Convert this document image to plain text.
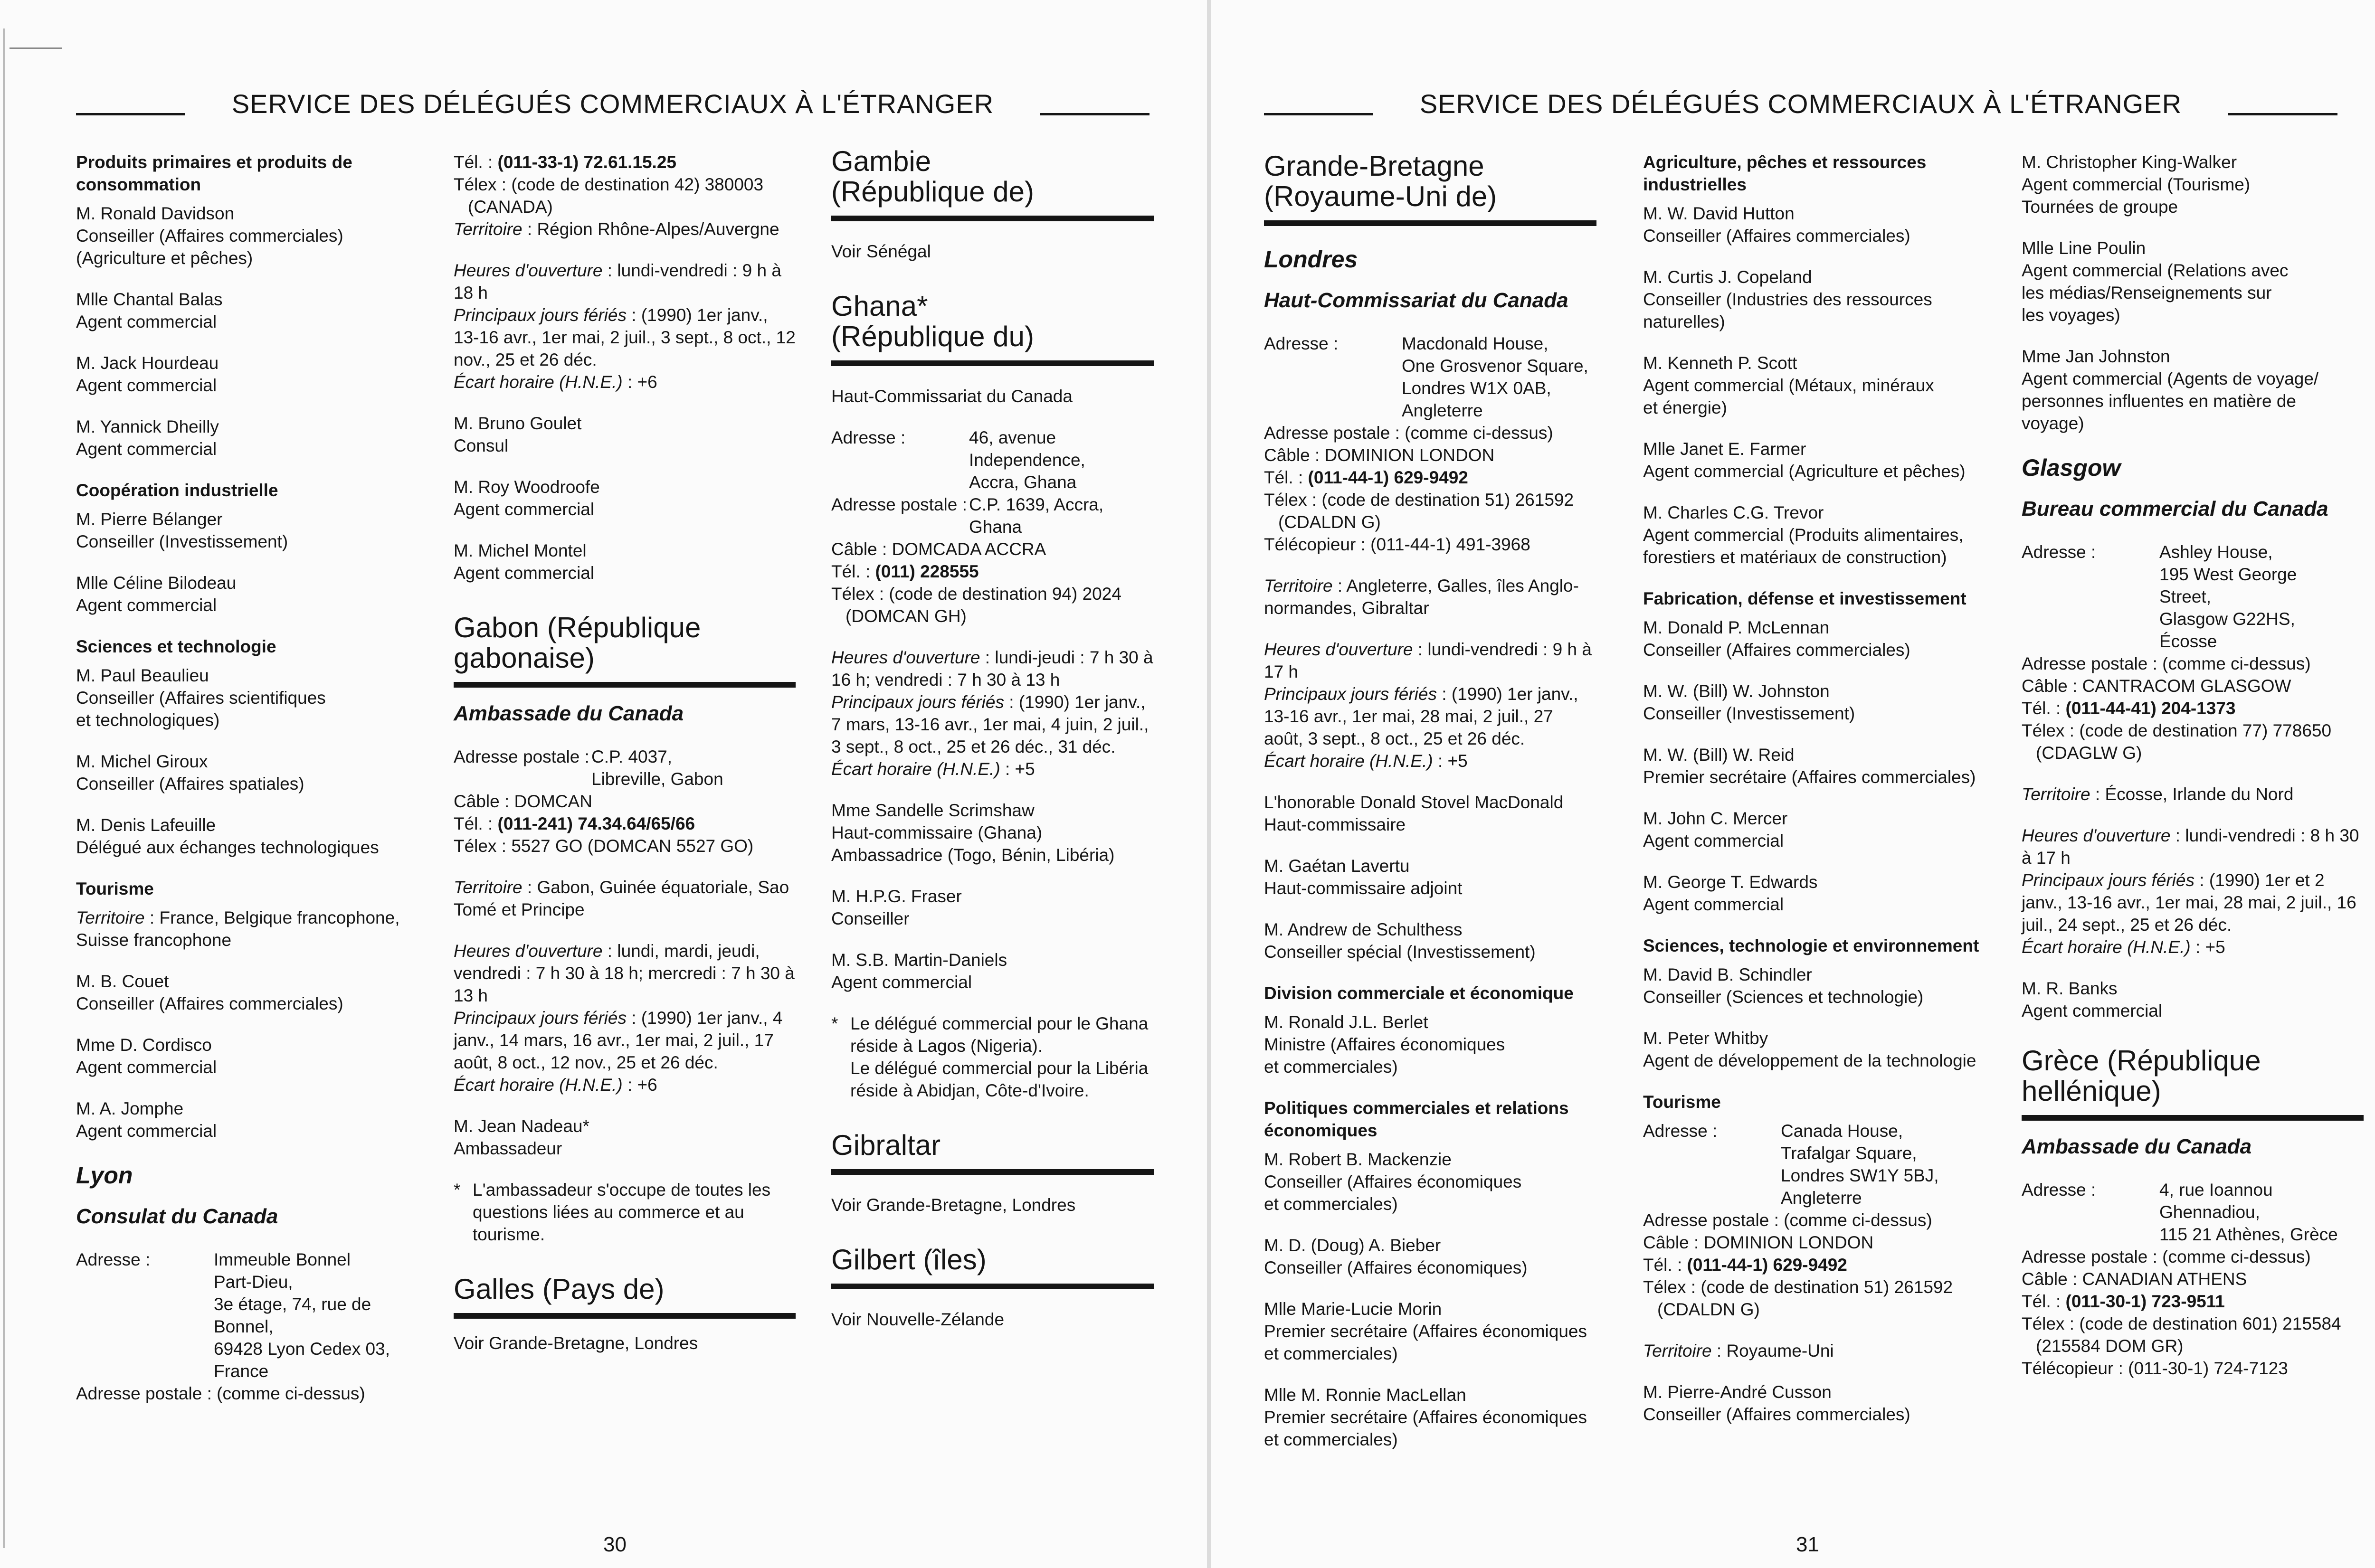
SERVICE DES DÉLÉGUÉS COMMERCIAUX À L'ÉTRANGER
Produits primaires et produits de consommation

M. Ronald Davidson
Conseiller (Affaires commerciales)
(Agriculture et pêches)

Mlle Chantal Balas
Agent commercial

M. Jack Hourdeau
Agent commercial

M. Yannick Dheilly
Agent commercial

Coopération industrielle

M. Pierre Bélanger
Conseiller (Investissement)

Mlle Céline Bilodeau
Agent commercial

Sciences et technologie

M. Paul Beaulieu
Conseiller (Affaires scientifiques
et technologiques)

M. Michel Giroux
Conseiller (Affaires spatiales)

M. Denis Lafeuille
Délégué aux échanges technologiques

Tourisme

Territoire : France, Belgique francophone, Suisse francophone

M. B. Couet
Conseiller (Affaires commerciales)

Mme D. Cordisco
Agent commercial

M. A. Jomphe
Agent commercial

Lyon
Consulat du Canada
Adresse :	Immeuble Bonnel
Part-Dieu,
3e étage, 74, rue de
Bonnel,
69428 Lyon Cedex 03,
France
Adresse postale : (comme ci-dessus)
Tél. : (011-33-1) 72.61.15.25
Télex : (code de destination 42) 380003
(CANADA)

Territoire : Région Rhône-Alpes/Auvergne

Heures d'ouverture : lundi-vendredi : 9 h à 18 h
Principaux jours fériés : (1990) 1er janv., 13-16 avr., 1er mai, 2 juil., 3 sept., 8 oct., 12 nov., 25 et 26 déc.

Écart horaire (H.N.E.) : +6

M. Bruno Goulet
Consul

M. Roy Woodroofe
Agent commercial

M. Michel Montel
Agent commercial

Gabon (République
gabonaise)
Ambassade du Canada
Adresse postale : C.P. 4037,
Libreville, Gabon
Câble : DOMCAN
Tél. : (011-241) 74.34.64/65/66

Télex : 5527 GO (DOMCAN 5527 GO)

Territoire : Gabon, Guinée équatoriale, Sao Tomé et Principe

Heures d'ouverture : lundi, mardi, jeudi, vendredi : 7 h 30 à 18 h; mercredi : 7 h 30 à 13 h
Principaux jours fériés : (1990) 1er janv., 4 janv., 14 mars, 16 avr., 1er mai, 2 juil., 17 août, 8 oct., 12 nov., 25 et 26 déc.

Écart horaire (H.N.E.) : +6

M. Jean Nadeau*
Ambassadeur

* L'ambassadeur s'occupe de toutes les questions liées au commerce et au tourisme.

Galles (Pays de)

Voir Grande-Bretagne, Londres

Gambie
(République de)

Voir Sénégal

Ghana*
(République du)

Haut-Commissariat du Canada

Adresse :	46, avenue
Independence,
Accra, Ghana
Adresse postale : C.P. 1639, Accra,
Ghana
Câble : DOMCADA ACCRA
Tél. : (011) 228555

Télex : (code de destination 94) 2024
(DOMCAN GH)

Heures d'ouverture : lundi-jeudi : 7 h 30 à 16 h; vendredi : 7 h 30 à 13 h
Principaux jours fériés : (1990) 1er janv., 7 mars, 13-16 avr., 1er mai, 4 juin, 2 juil., 3 sept., 8 oct., 25 et 26 déc., 31 déc.

Écart horaire (H.N.E.) : +5

Mme Sandelle Scrimshaw
Haut-commissaire (Ghana)
Ambassadrice (Togo, Bénin, Libéria)

M. H.P.G. Fraser
Conseiller

M. S.B. Martin-Daniels
Agent commercial

* Le délégué commercial pour le Ghana réside à Lagos (Nigeria).
Le délégué commercial pour la Libéria réside à Abidjan, Côte-d'Ivoire.

Gibraltar

Voir Grande-Bretagne, Londres

Gilbert (îles)

Voir Nouvelle-Zélande

30
SERVICE DES DÉLÉGUÉS COMMERCIAUX À L'ÉTRANGER
Grande-Bretagne
(Royaume-Uni de)
Londres
Haut-Commissariat du Canada
Adresse :	Macdonald House,
One Grosvenor Square,
Londres W1X 0AB,
Angleterre
Adresse postale : (comme ci-dessus)
Câble : DOMINION LONDON
Tél. : (011-44-1) 629-9492
Télex : (code de destination 51) 261592
(CDALDN G)

Télécopieur : (011-44-1) 491-3968

Territoire : Angleterre, Galles, îles Anglo-normandes, Gibraltar

Heures d'ouverture : lundi-vendredi : 9 h à 17 h
Principaux jours fériés : (1990) 1er janv., 13-16 avr., 1er mai, 28 mai, 2 juil., 27 août, 3 sept., 8 oct., 25 et 26 déc.

Écart horaire (H.N.E.) : +5

L'honorable Donald Stovel MacDonald
Haut-commissaire

M. Gaétan Lavertu
Haut-commissaire adjoint

M. Andrew de Schulthess
Conseiller spécial (Investissement)

Division commerciale et économique

M. Ronald J.L. Berlet
Ministre (Affaires économiques
et commerciales)

Politiques commerciales et relations économiques

M. Robert B. Mackenzie
Conseiller (Affaires économiques
et commerciales)

M. D. (Doug) A. Bieber
Conseiller (Affaires économiques)

Mlle Marie-Lucie Morin
Premier secrétaire (Affaires économiques
et commerciales)

Mlle M. Ronnie MacLellan
Premier secrétaire (Affaires économiques
et commerciales)

Agriculture, pêches et ressources industrielles

M. W. David Hutton
Conseiller (Affaires commerciales)

M. Curtis J. Copeland
Conseiller (Industries des ressources
naturelles)

M. Kenneth P. Scott
Agent commercial (Métaux, minéraux
et énergie)

Mlle Janet E. Farmer
Agent commercial (Agriculture et pêches)

M. Charles C.G. Trevor
Agent commercial (Produits alimentaires,
forestiers et matériaux de construction)

Fabrication, défense et investissement

M. Donald P. McLennan
Conseiller (Affaires commerciales)

M. W. (Bill) W. Johnston
Conseiller (Investissement)

M. W. (Bill) W. Reid
Premier secrétaire (Affaires commerciales)

M. John C. Mercer
Agent commercial

M. George T. Edwards
Agent commercial

Sciences, technologie et environnement

M. David B. Schindler
Conseiller (Sciences et technologie)

M. Peter Whitby
Agent de développement de la technologie

Tourisme
Adresse :	Canada House,
Trafalgar Square,
Londres SW1Y 5BJ,
Angleterre
Adresse postale : (comme ci-dessus)
Câble : DOMINION LONDON
Tél. : (011-44-1) 629-9492

Télex : (code de destination 51) 261592
(CDALDN G)

Territoire : Royaume-Uni

M. Pierre-André Cusson
Conseiller (Affaires commerciales)

M. Christopher King-Walker
Agent commercial (Tourisme)
Tournées de groupe

Mlle Line Poulin
Agent commercial (Relations avec
les médias/Renseignements sur
les voyages)

Mme Jan Johnston
Agent commercial (Agents de voyage/
personnes influentes en matière de
voyage)

Glasgow
Bureau commercial du Canada
Adresse :	Ashley House,
195 West George
Street,
Glasgow G22HS,
Écosse
Adresse postale : (comme ci-dessus)
Câble : CANTRACOM GLASGOW
Tél. : (011-44-41) 204-1373

Télex : (code de destination 77) 778650
(CDAGLW G)

Territoire : Écosse, Irlande du Nord

Heures d'ouverture : lundi-vendredi : 8 h 30 à 17 h
Principaux jours fériés : (1990) 1er et 2 janv., 13-16 avr., 1er mai, 28 mai, 2 juil., 16 juil., 24 sept., 25 et 26 déc.

Écart horaire (H.N.E.) : +5

M. R. Banks
Agent commercial

Grèce (République
hellénique)
Ambassade du Canada
Adresse :	4, rue Ioannou
Ghennadiou,
115 21 Athènes, Grèce
Adresse postale : (comme ci-dessus)
Câble : CANADIAN ATHENS
Tél. : (011-30-1) 723-9511
Télex : (code de destination 601) 215584
(215584 DOM GR)
Télécopieur : (011-30-1) 724-7123
31
